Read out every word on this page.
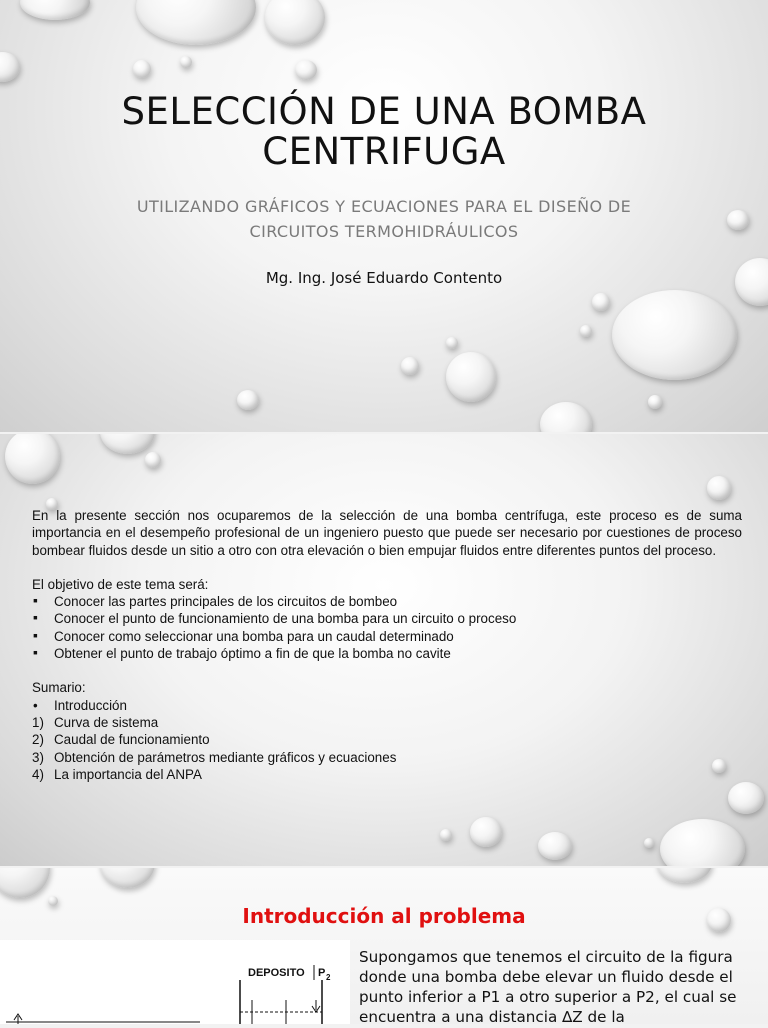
SELECCIÓN DE UNA BOMBA
CENTRIFUGA
UTILIZANDO GRÁFICOS Y ECUACIONES PARA EL DISEÑO DE
CIRCUITOS TERMOHIDRÁULICOS
Mg. Ing. José Eduardo Contento

En la presente sección nos ocuparemos de la selección de una bomba centrífuga, este proceso es de suma importancia en el desempeño profesional de un ingeniero puesto que puede ser necesario por cuestiones de proceso bombear fluidos desde un sitio a otro con otra elevación o bien empujar fluidos entre diferentes puntos del proceso.

El objetivo de este tema será:
▪ Conocer las partes principales de los circuitos de bombeo
▪ Conocer el punto de funcionamiento de una bomba para un circuito o proceso
▪ Conocer como seleccionar una bomba para un caudal determinado
▪ Obtener el punto de trabajo óptimo a fin de que la bomba no cavite
Sumario:
• Introducción
1) Curva de sistema
2) Caudal de funcionamiento
3) Obtención de parámetros mediante gráficos y ecuaciones
4) La importancia del ANPA
Introducción al problema
DEPOSITO P 2
Supongamos que tenemos el circuito de la figura donde una bomba debe elevar un fluido desde el punto inferior a P1 a otro superior a P2, el cual se encuentra a una distancia ∆Z de la
